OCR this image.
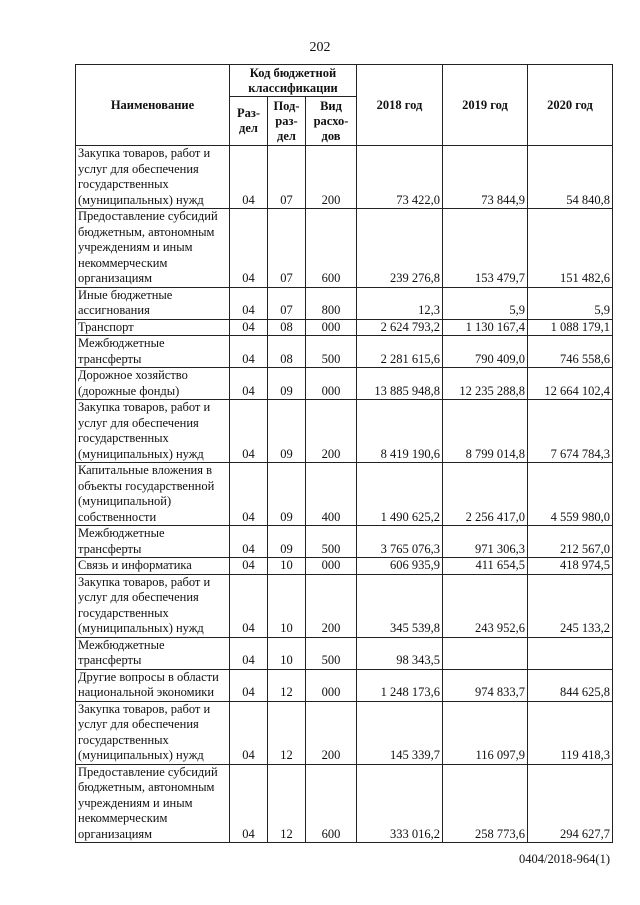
202
Наименование	Код бюджетной классификации			2018 год	2019 год	2020 год
	Раз- дел	Под- раз- дел	Вид расхо- дов			
Закупка товаров, работ и услуг для обеспечения государственных (муниципальных) нужд	04	07	200	73 422,0	73 844,9	54 840,8
Предоставление субсидий бюджетным, автономным учреждениям и иным некоммерческим организациям	04	07	600	239 276,8	153 479,7	151 482,6
Иные бюджетные ассигнования	04	07	800	12,3	5,9	5,9
Транспорт	04	08	000	2 624 793,2	1 130 167,4	1 088 179,1
Межбюджетные трансферты	04	08	500	2 281 615,6	790 409,0	746 558,6
Дорожное хозяйство (дорожные фонды)	04	09	000	13 885 948,8	12 235 288,8	12 664 102,4
Закупка товаров, работ и услуг для обеспечения государственных (муниципальных) нужд	04	09	200	8 419 190,6	8 799 014,8	7 674 784,3
Капитальные вложения в объекты государственной (муниципальной) собственности	04	09	400	1 490 625,2	2 256 417,0	4 559 980,0
Межбюджетные трансферты	04	09	500	3 765 076,3	971 306,3	212 567,0
Связь и информатика	04	10	000	606 935,9	411 654,5	418 974,5
Закупка товаров, работ и услуг для обеспечения государственных (муниципальных) нужд	04	10	200	345 539,8	243 952,6	245 133,2
Межбюджетные трансферты	04	10	500	98 343,5		
Другие вопросы в области национальной экономики	04	12	000	1 248 173,6	974 833,7	844 625,8
Закупка товаров, работ и услуг для обеспечения государственных (муниципальных) нужд	04	12	200	145 339,7	116 097,9	119 418,3
Предоставление субсидий бюджетным, автономным учреждениям и иным некоммерческим организациям	04	12	600	333 016,2	258 773,6	294 627,7
0404/2018-964(1)
